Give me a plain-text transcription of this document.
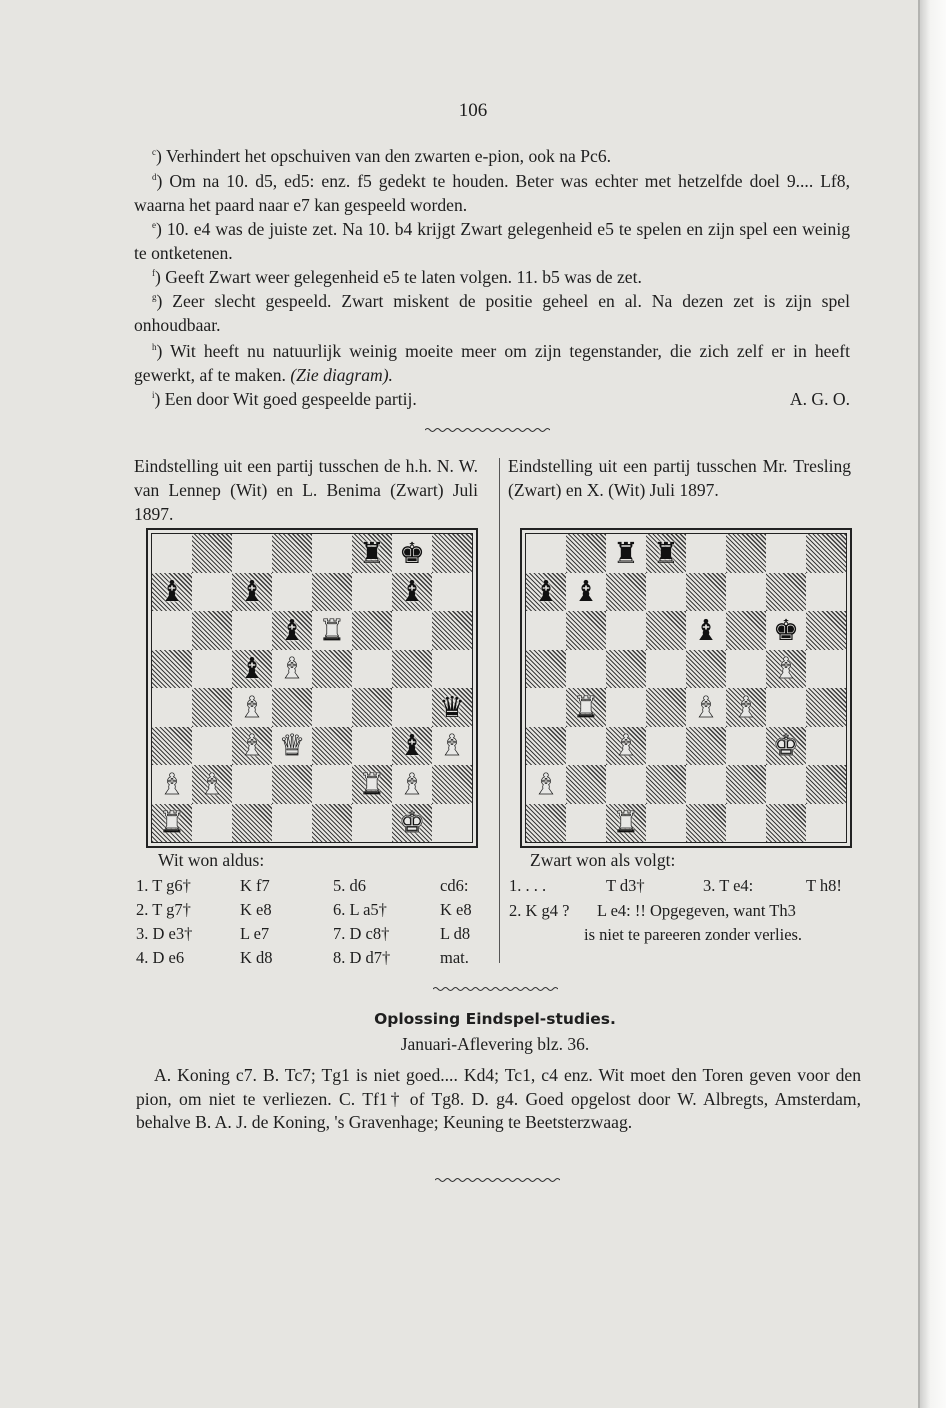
106
$^c$) Verhindert het opschuiven van den zwarten e-pion, ook na Pc6.
$^d$) Om na 10. d5, ed5: enz. f5 gedekt te houden. Beter was echter met hetzelfde doel 9.... Lf8, waarna het paard naar e7 kan gespeeld worden.
$^e$) 10. e4 was de juiste zet. Na 10. b4 krijgt Zwart gelegenheid e5 te spelen en zijn spel een weinig te ontketenen.
$^f$) Geeft Zwart weer gelegenheid e5 te laten volgen. 11. b5 was de zet.
$^g$) Zeer slecht gespeeld. Zwart miskent de positie geheel en al. Na dezen zet is zijn spel onhoudbaar.
$^h$) Wit heeft nu natuurlijk weinig moeite meer om zijn tegenstander, die zich zelf er in heeft gewerkt, af te maken. (Zie diagram).
$^i$) Een door Wit goed gespeelde partij.	A. G. O.
Eindstelling uit een partij tusschen de h.h. N. W. van Lennep (Wit) en L. Benima (Zwart) Juli 1897.
♜ ♚
♝ ♝	♝
♝ ♜
♝ ♝
♝	♛
♝ ♛	♝ ♝
♝ ♝	♜ ♝
♜	♚
Wit won aldus:
1. T g6†	K f7	5. d6	cd6:
2. T g7†	K e8	6. L a5†	K e8
3. D e3†	L e7	7. D c8†	L d8
4. D e6	K d8	8. D d7†	mat.
Eindstelling uit een partij tusschen Mr. Tresling (Zwart) en X. (Wit) Juli 1897.
♜ ♜
♝ ♝
♝ ♚
♝
♜	♝ ♝
♝	♚
♝
♜
Zwart won als volgt:
1. . . .	T d3†	3. T e4:	T h8!
2. K g4 ? L e4: !! Opgegeven, want Th3
is niet te pareeren zonder verlies.
Oplossing Eindspel-studies.
Januari-Aflevering blz. 36.
A. Koning c7. B. Tc7; Tg1 is niet goed.... Kd4; Tc1, c4 enz. Wit moet den Toren geven voor den pion, om niet te verliezen. C. Tf1† of Tg8. D. g4. Goed opgelost door W. Albregts, Amsterdam, behalve B. A. J. de Koning, 's Gravenhage; Keuning te Beetsterzwaag.
